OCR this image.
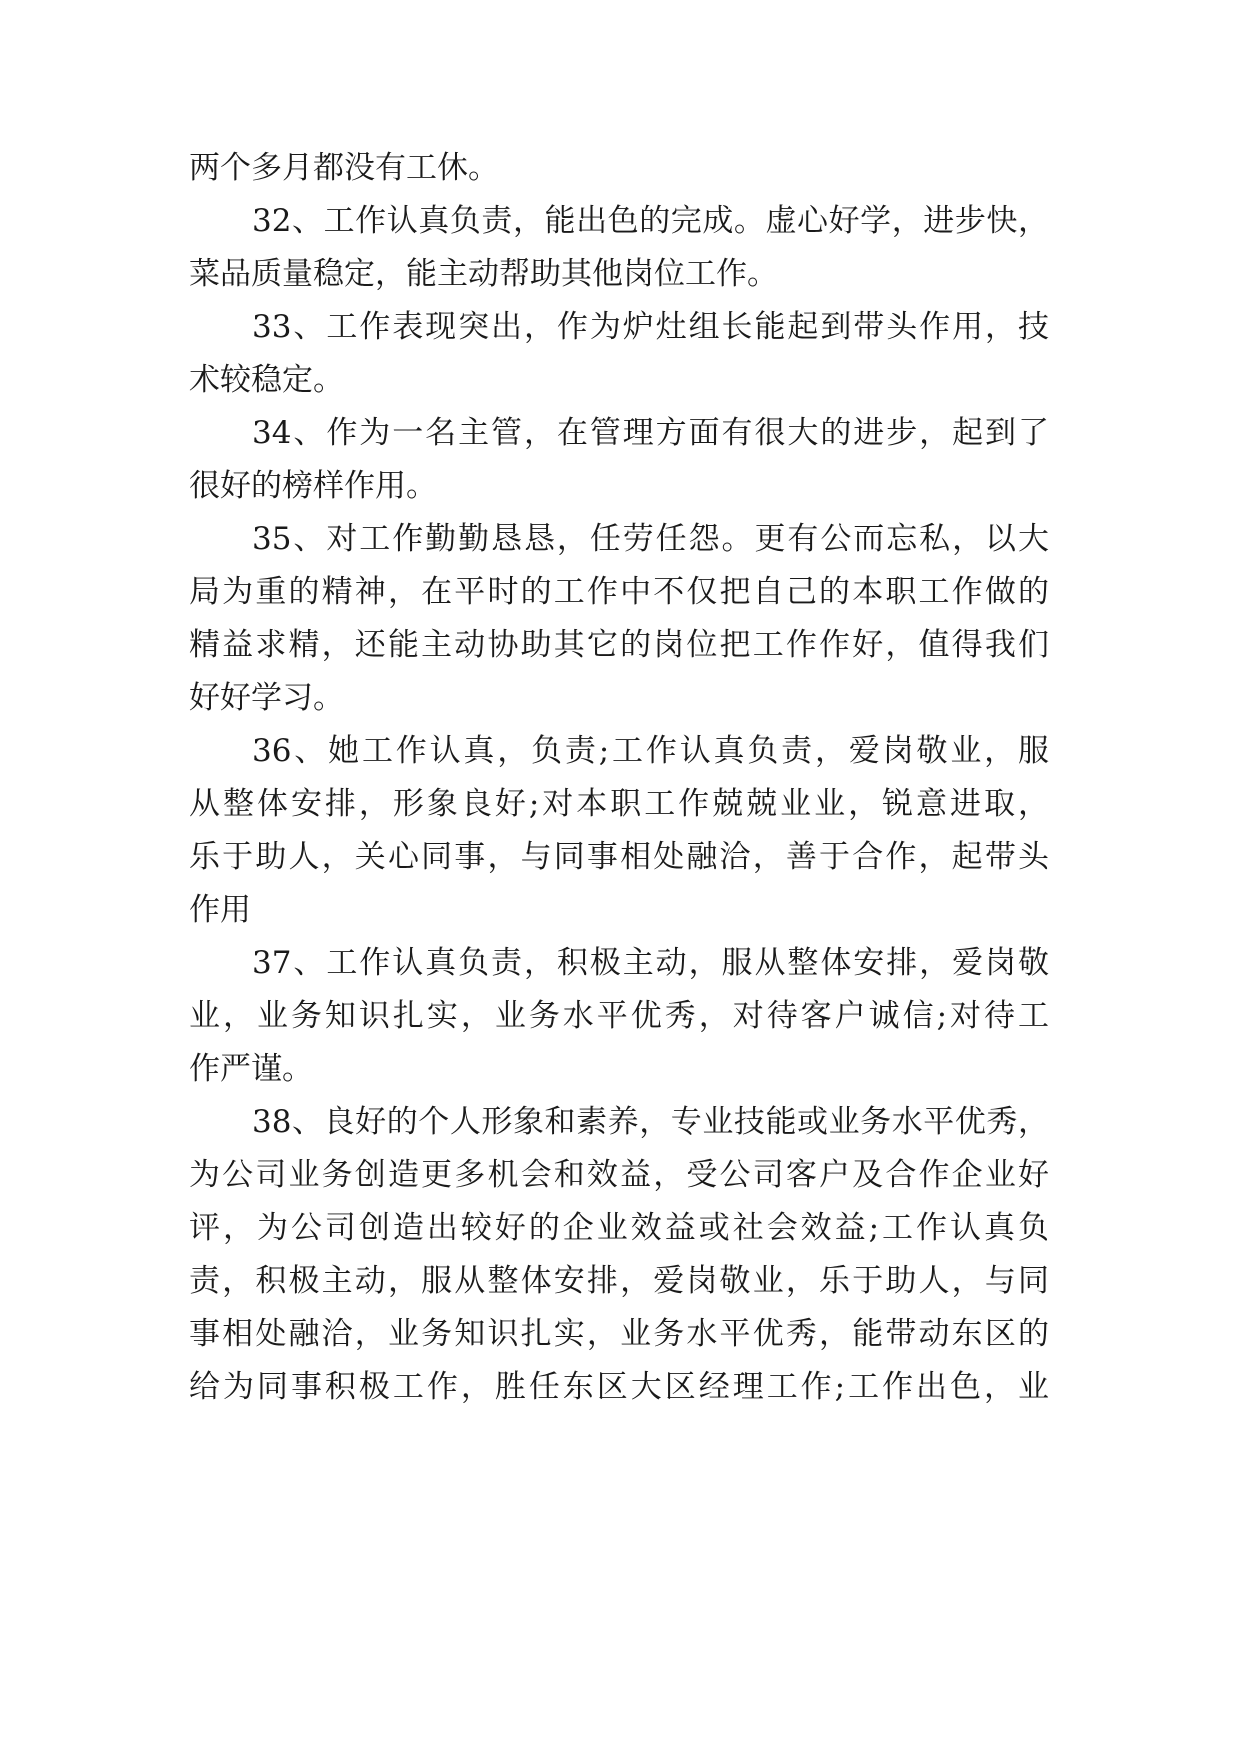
两个多月都没有工休。
32、工作认真负责，能出色的完成。虚心好学，进步快，
菜品质量稳定，能主动帮助其他岗位工作。
33、工作表现突出，作为炉灶组长能起到带头作用，技
术较稳定。
34、作为一名主管，在管理方面有很大的进步，起到了
很好的榜样作用。
35、对工作勤勤恳恳，任劳任怨。更有公而忘私，以大
局为重的精神，在平时的工作中不仅把自己的本职工作做的
精益求精，还能主动协助其它的岗位把工作作好，值得我们
好好学习。
36、她工作认真，负责;工作认真负责，爱岗敬业，服
从整体安排，形象良好;对本职工作兢兢业业，锐意进取，
乐于助人，关心同事，与同事相处融洽，善于合作，起带头
作用
37、工作认真负责，积极主动，服从整体安排，爱岗敬
业，业务知识扎实，业务水平优秀，对待客户诚信;对待工
作严谨。
38、良好的个人形象和素养，专业技能或业务水平优秀，
为公司业务创造更多机会和效益，受公司客户及合作企业好
评，为公司创造出较好的企业效益或社会效益;工作认真负
责，积极主动，服从整体安排，爱岗敬业，乐于助人，与同
事相处融洽，业务知识扎实，业务水平优秀，能带动东区的
给为同事积极工作，胜任东区大区经理工作;工作出色，业
